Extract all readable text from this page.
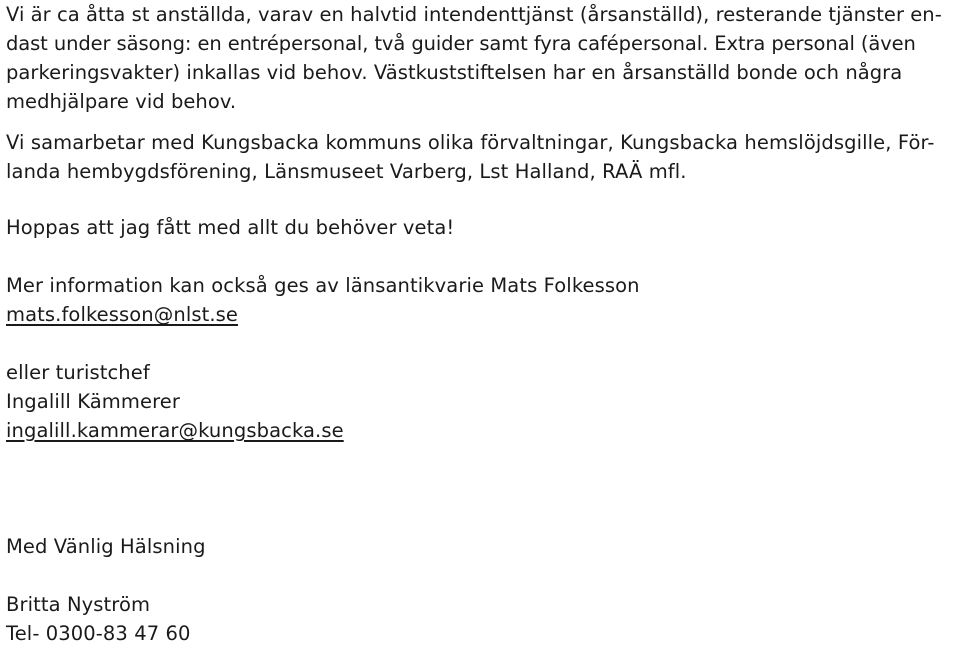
Vi är ca åtta st anställda, varav en halvtid intendenttjänst (årsanställd), resterande tjänster en-
dast under säsong: en entrépersonal, två guider samt fyra cafépersonal. Extra personal (även
parkeringsvakter) inkallas vid behov. Västkuststiftelsen har en årsanställd bonde och några
medhjälpare vid behov.
Vi samarbetar med Kungsbacka kommuns olika förvaltningar, Kungsbacka hemslöjdsgille, För-
landa hembygdsförening, Länsmuseet Varberg, Lst Halland, RAÄ mfl.
Hoppas att jag fått med allt du behöver veta!
Mer information kan också ges av länsantikvarie Mats Folkesson
mats.folkesson@nlst.se
eller turistchef
Ingalill Kämmerer
ingalill.kammerar@kungsbacka.se
Med Vänlig Hälsning
Britta Nyström
Tel- 0300-83 47 60
